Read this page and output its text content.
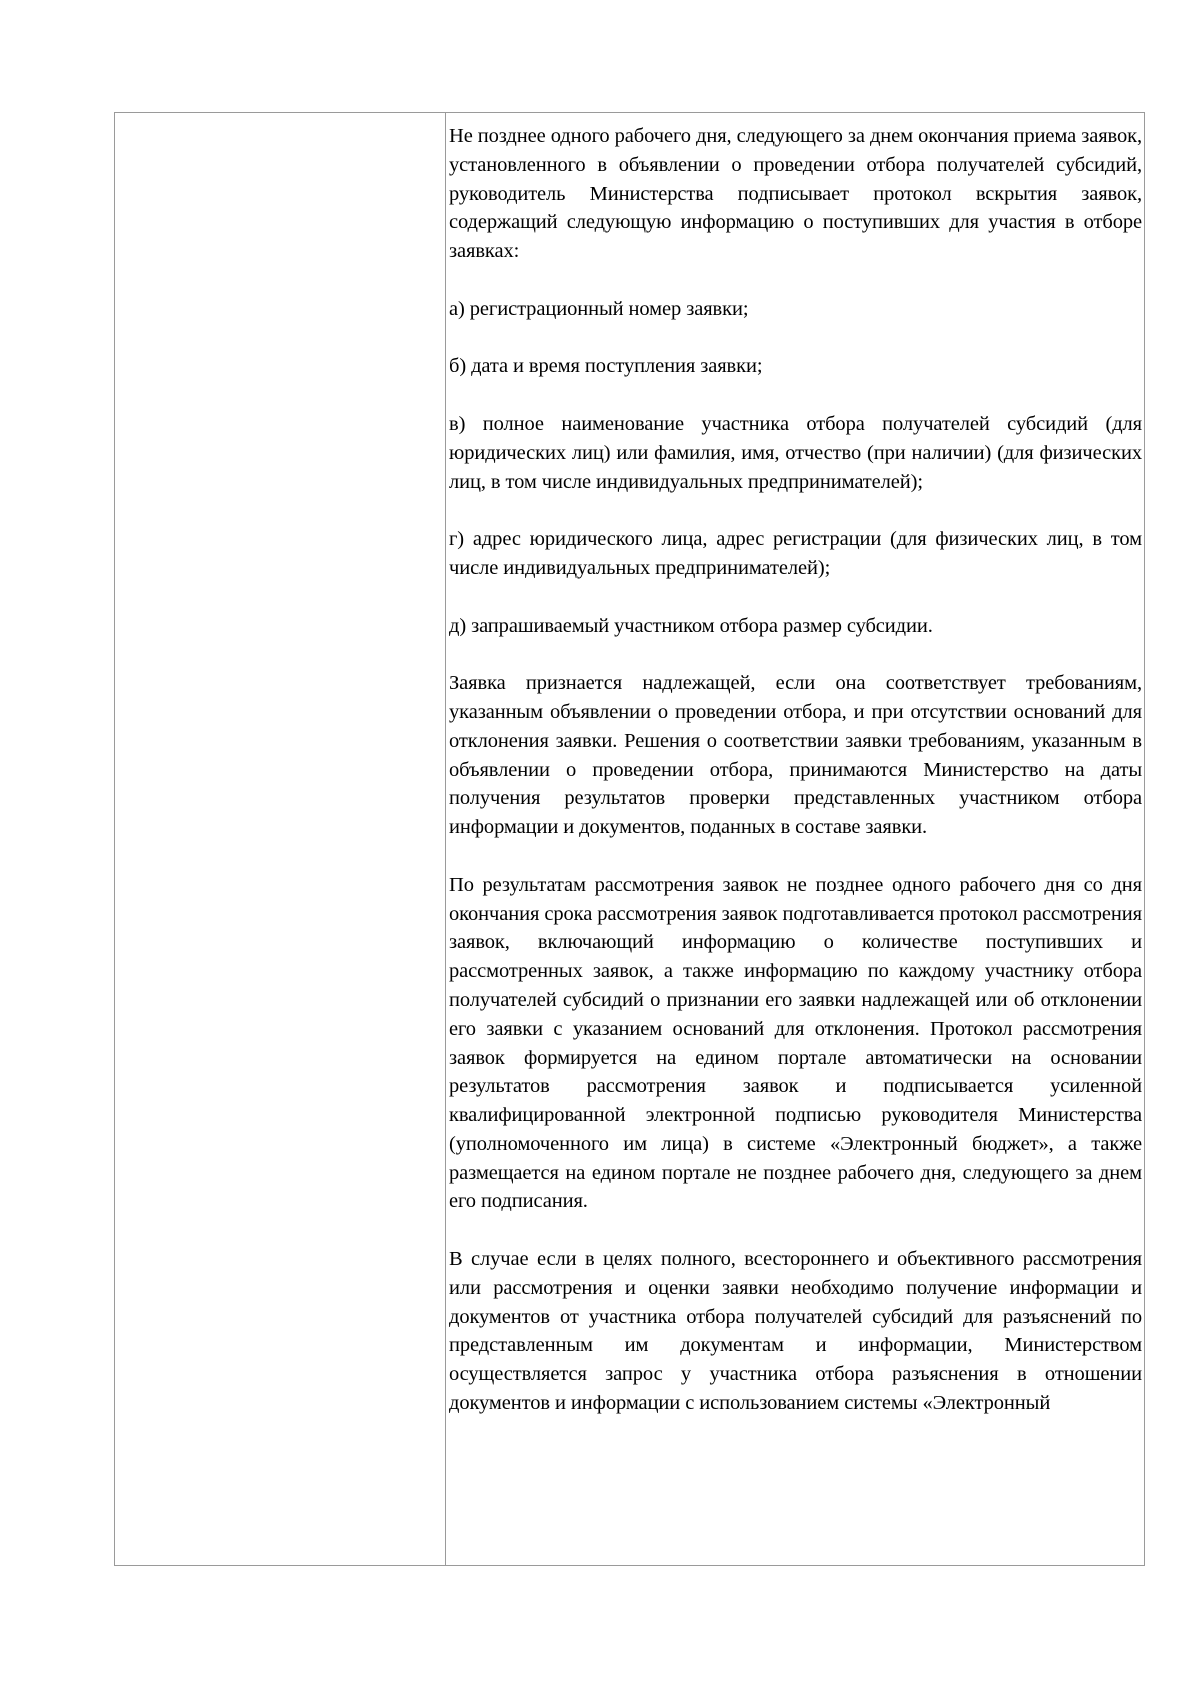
Не позднее одного рабочего дня, следующего за днем окончания приема заявок, установленного в объявлении о проведении отбора получателей субсидий, руководитель Министерства подписывает протокол вскрытия заявок, содержащий следующую информацию о поступивших для участия в отборе заявках:

а) регистрационный номер заявки;

б) дата и время поступления заявки;

в) полное наименование участника отбора получателей субсидий (для юридических лиц) или фамилия, имя, отчество (при наличии) (для физических лиц, в том числе индивидуальных предпринимателей);

г) адрес юридического лица, адрес регистрации (для физических лиц, в том числе индивидуальных предпринимателей);

д) запрашиваемый участником отбора размер субсидии.

Заявка признается надлежащей, если она соответствует требованиям, указанным объявлении о проведении отбора, и при отсутствии оснований для отклонения заявки. Решения о соответствии заявки требованиям, указанным в объявлении о проведении отбора, принимаются Министерство на даты получения результатов проверки представленных участником отбора информации и документов, поданных в составе заявки.

По результатам рассмотрения заявок не позднее одного рабочего дня со дня окончания срока рассмотрения заявок подготавливается протокол рассмотрения заявок, включающий информацию о количестве поступивших и рассмотренных заявок, а также информацию по каждому участнику отбора получателей субсидий о признании его заявки надлежащей или об отклонении его заявки с указанием оснований для отклонения. Протокол рассмотрения заявок формируется на едином портале автоматически на основании результатов рассмотрения заявок и подписывается усиленной квалифицированной электронной подписью руководителя Министерства (уполномоченного им лица) в системе «Электронный бюджет», а также размещается на едином портале не позднее рабочего дня, следующего за днем его подписания.

В случае если в целях полного, всестороннего и объективного рассмотрения или рассмотрения и оценки заявки необходимо получение информации и документов от участника отбора получателей субсидий для разъяснений по представленным им документам и информации, Министерством осуществляется запрос у участника отбора разъяснения в отношении документов и информации с использованием системы «Электронный
